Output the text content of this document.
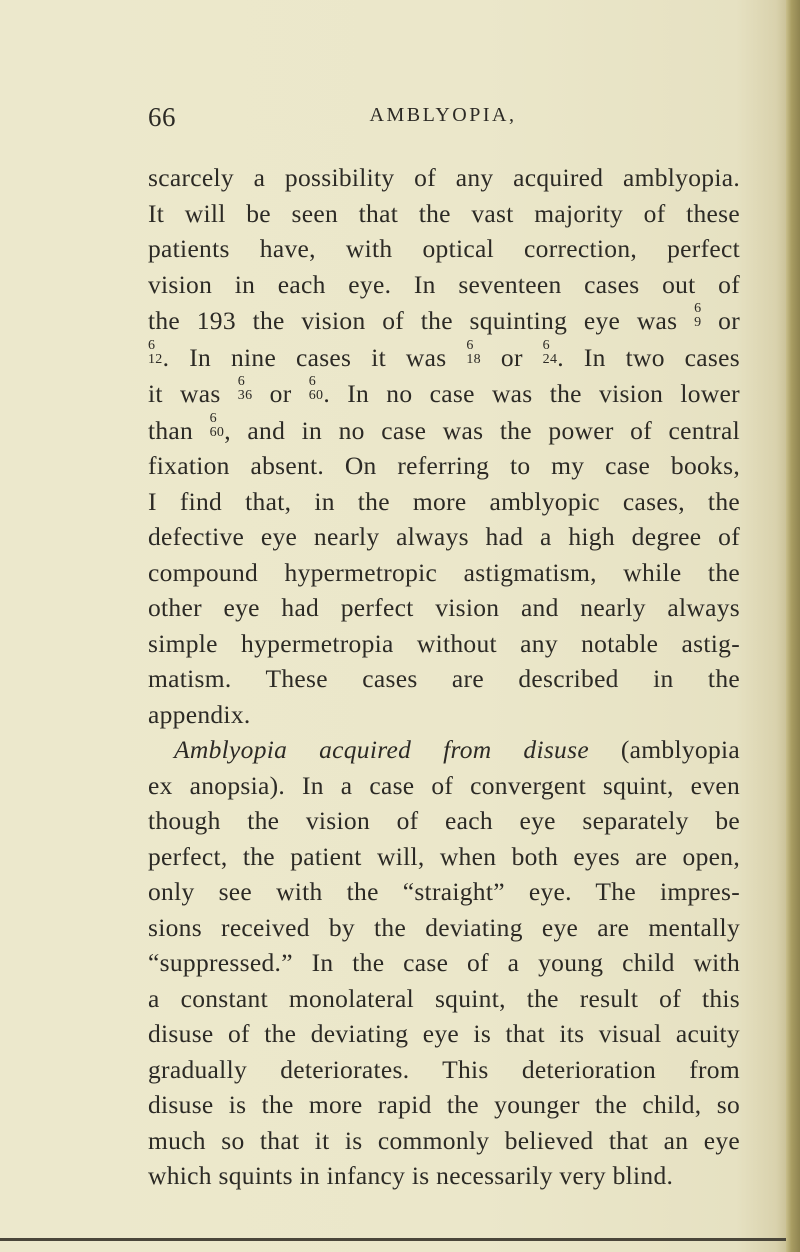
66	AMBLYOPIA,
scarcely a possibility of any acquired amblyopia.
It will be seen that the vast majority of these
patients have, with optical correction, perfect
vision in each eye. In seventeen cases out of
the 193 the vision of the squinting eye was 6
9 or
6
12 . In nine cases it was 6
18 or 6
24 . In two cases
it was 6
36 or 6
60 . In no case was the vision lower
than 6
60 , and in no case was the power of central
fixation absent. On referring to my case books,
I find that, in the more amblyopic cases, the
defective eye nearly always had a high degree of
compound hypermetropic astigmatism, while the
other eye had perfect vision and nearly always
simple hypermetropia without any notable astig-
matism. These cases are described in the
appendix.
Amblyopia acquired from disuse (amblyopia
ex anopsia). In a case of convergent squint, even
though the vision of each eye separately be
perfect, the patient will, when both eyes are open,
only see with the “straight” eye. The impres-
sions received by the deviating eye are mentally
“suppressed.” In the case of a young child with
a constant monolateral squint, the result of this
disuse of the deviating eye is that its visual acuity
gradually deteriorates. This deterioration from
disuse is the more rapid the younger the child, so
much so that it is commonly believed that an eye
which squints in infancy is necessarily very blind.
